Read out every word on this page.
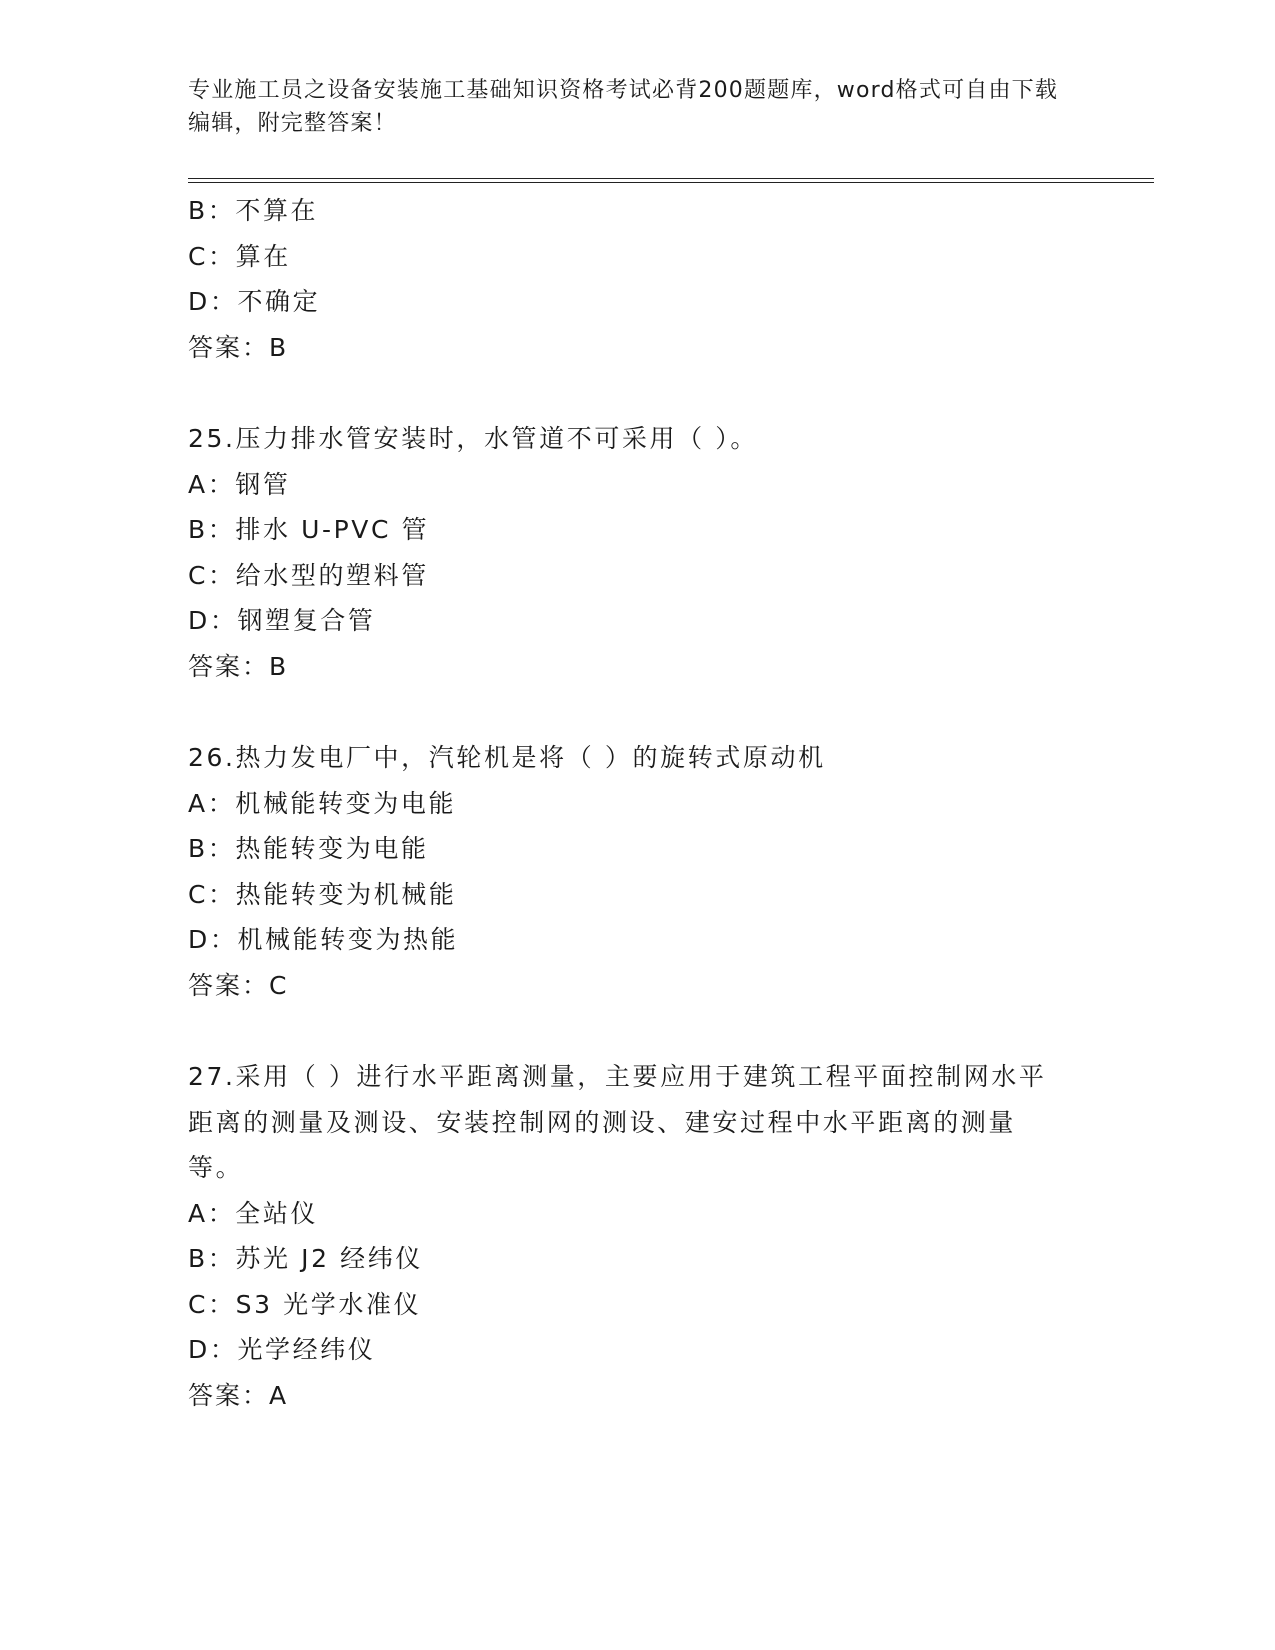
专业施工员之设备安装施工基础知识资格考试必背200题题库，word格式可自由下载编辑，附完整答案！
B：不算在
C：算在
D：不确定
答案：B
25.压力排水管安装时，水管道不可采用（ ）。
A：钢管
B：排水 U-PVC 管
C：给水型的塑料管
D：钢塑复合管
答案：B
26.热力发电厂中，汽轮机是将（ ）的旋转式原动机
A：机械能转变为电能
B：热能转变为电能
C：热能转变为机械能
D：机械能转变为热能
答案：C
27.采用（ ）进行水平距离测量，主要应用于建筑工程平面控制网水平距离的测量及测设、安装控制网的测设、建安过程中水平距离的测量等。
A：全站仪
B：苏光 J2 经纬仪
C：S3 光学水准仪
D：光学经纬仪
答案：A
